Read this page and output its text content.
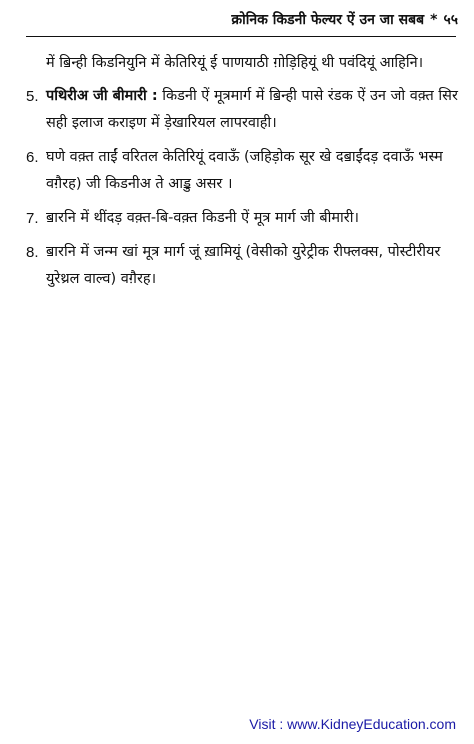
क्रोनिक किडनी फेल्यर ऐं उन जा सबब * ५५

में ॿिन्ही किडनियुनि में केतिरियूं ई पाणयाठी ग़ोड़िहियूं थी पवंदियूं आहिनि।

5. पथिरीअ जी बीमारी : किडनी ऐं मूत्रमार्ग में ॿिन्ही पासे रंडक ऐं उन जो वक़्त सिर सही इलाज कराइण में ड़ेखारियल लापरवाही।
6. घणे वक़्त ताईं वरितल केतिरियूं दवाऊँ (जहिड़ोक सूर खे दॿाईंदड़ दवाऊँ भस्म वग़ैरह) जी किडनीअ ते आॾु असर ।
7. ॿारनि में थींदड़ वक़्त-बि-वक़्त किडनी ऐं मूत्र मार्ग जी बीमारी।
8. ॿारनि में जन्म खां मूत्र मार्ग जूं ख़ामियूं (वेसीको युरेट्रीक रीफ्लक्स, पोस्टीरीयर युरेथ्रल वाल्व) वग़ैरह।
Visit : www.KidneyEducation.com
